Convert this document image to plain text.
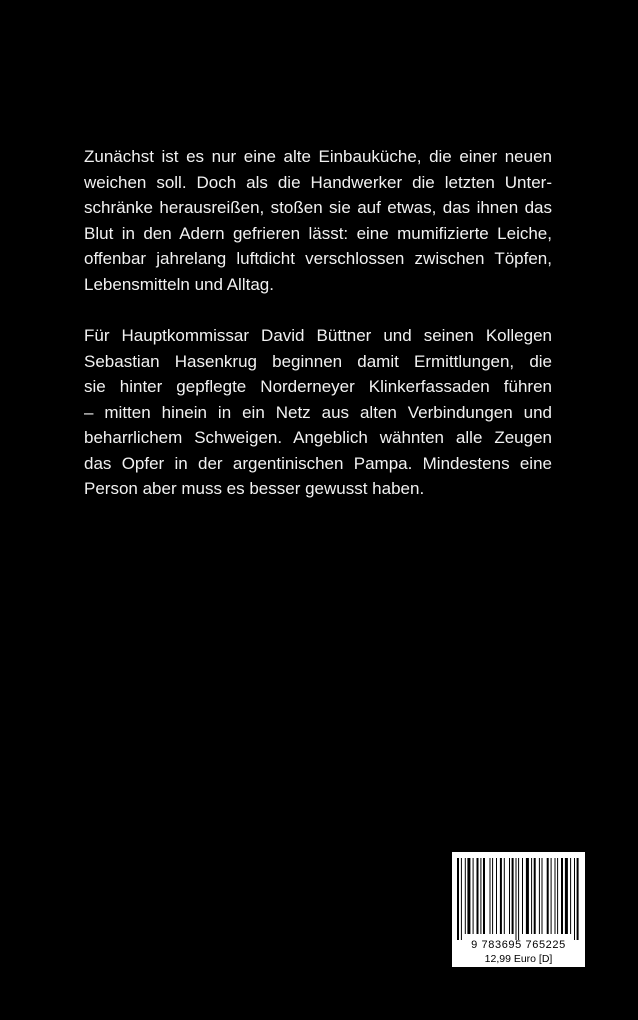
Zunächst ist es nur eine alte Einbauküche, die einer neuen
weichen soll. Doch als die Handwerker die letzten Unter-
schränke herausreißen, stoßen sie auf etwas, das ihnen das
Blut in den Adern gefrieren lässt: eine mumifizierte Leiche,
offenbar jahrelang luftdicht verschlossen zwischen Töpfen,
Lebensmitteln und Alltag.

Für Hauptkommissar David Büttner und seinen Kollegen
Sebastian Hasenkrug beginnen damit Ermittlungen, die
sie hinter gepflegte Norderneyer Klinkerfassaden führen
– mitten hinein in ein Netz aus alten Verbindungen und
beharrlichem Schweigen. Angeblich wähnten alle Zeugen
das Opfer in der argentinischen Pampa. Mindestens eine
Person aber muss es besser gewusst haben.

9 783695 765225
12,99 Euro [D]
